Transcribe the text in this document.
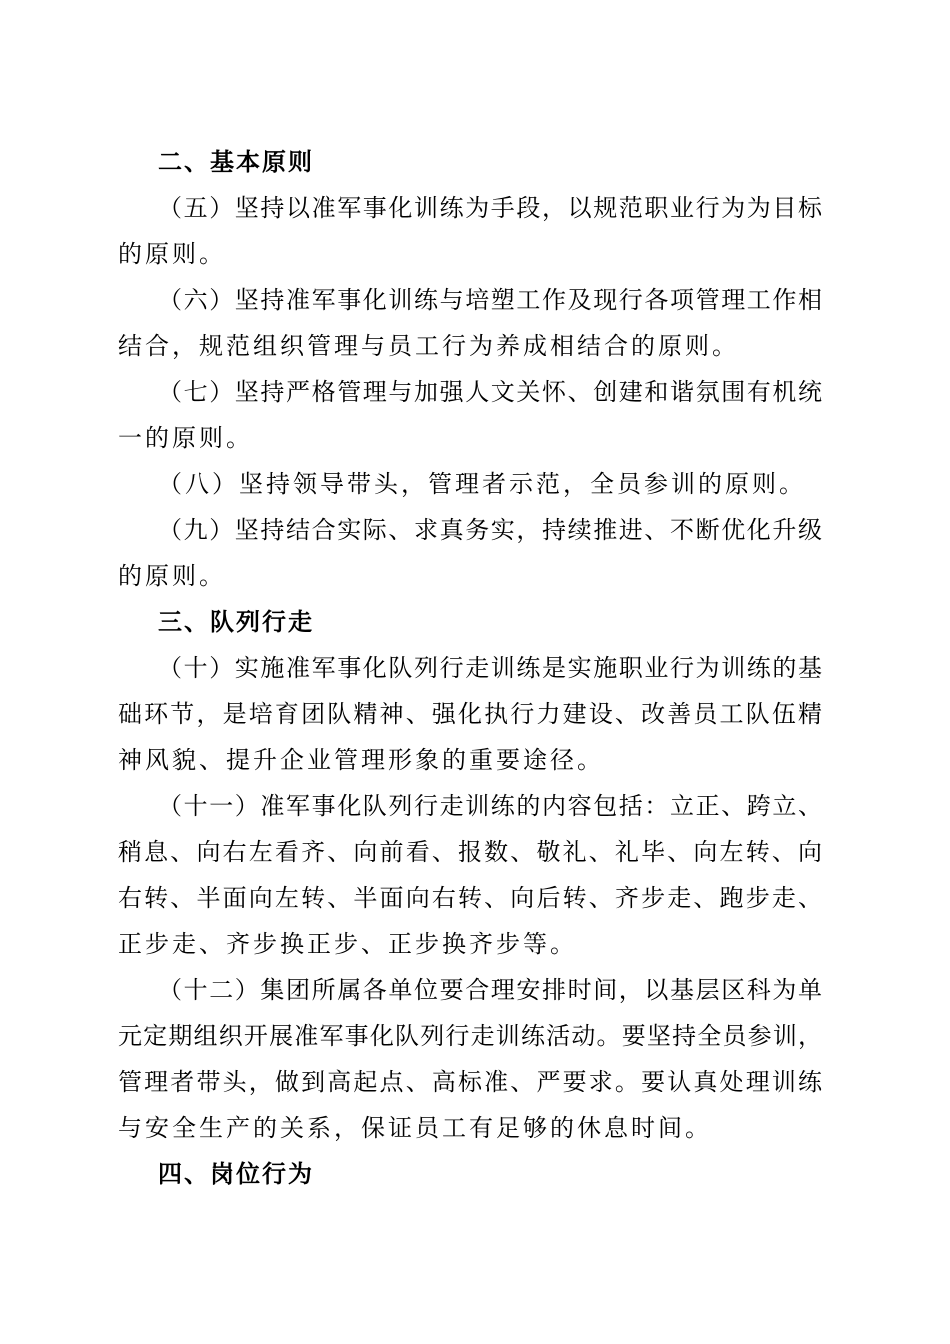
二、基本原则
（五）坚持以准军事化训练为手段，以规范职业行为为目标
的原则。
（六）坚持准军事化训练与培塑工作及现行各项管理工作相
结合，规范组织管理与员工行为养成相结合的原则。
（七）坚持严格管理与加强人文关怀、创建和谐氛围有机统
一的原则。
（八）坚持领导带头，管理者示范，全员参训的原则。
（九）坚持结合实际、求真务实，持续推进、不断优化升级
的原则。
三、队列行走
（十）实施准军事化队列行走训练是实施职业行为训练的基
础环节，是培育团队精神、强化执行力建设、改善员工队伍精
神风貌、提升企业管理形象的重要途径。
（十一）准军事化队列行走训练的内容包括：立正、跨立、
稍息、向右左看齐、向前看、报数、敬礼、礼毕、向左转、向
右转、半面向左转、半面向右转、向后转、齐步走、跑步走、
正步走、齐步换正步、正步换齐步等。
（十二）集团所属各单位要合理安排时间，以基层区科为单
元定期组织开展准军事化队列行走训练活动。要坚持全员参训，
管理者带头，做到高起点、高标准、严要求。要认真处理训练
与安全生产的关系，保证员工有足够的休息时间。
四、岗位行为
